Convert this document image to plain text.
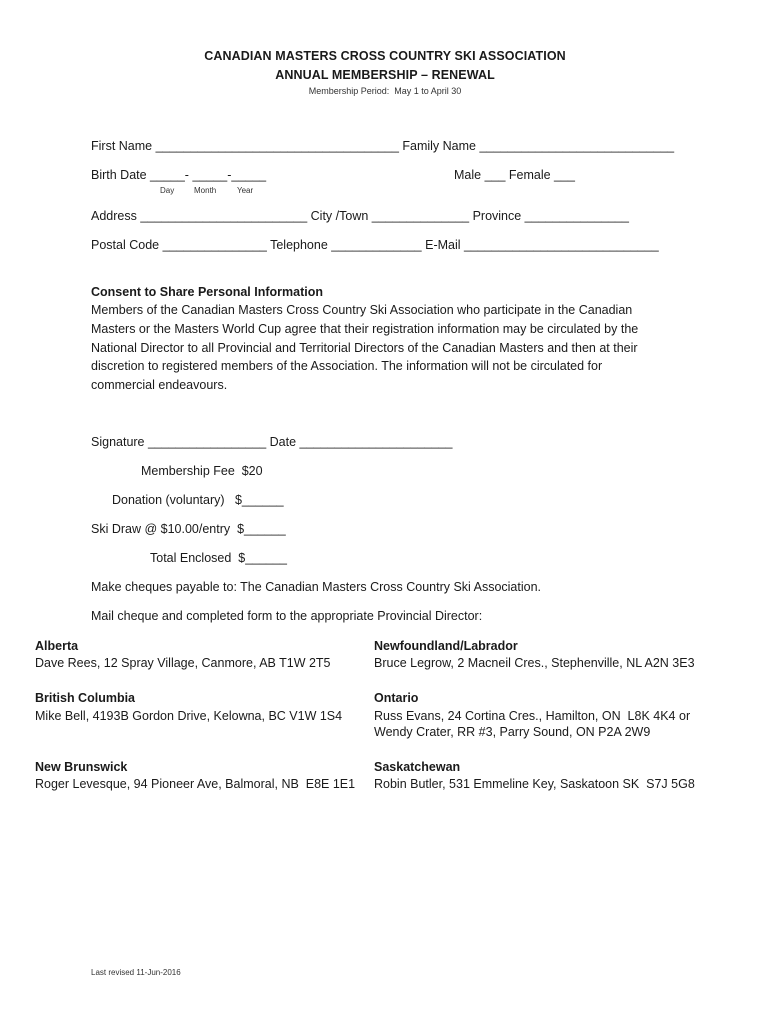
CANADIAN MASTERS CROSS COUNTRY SKI ASSOCIATION
ANNUAL MEMBERSHIP – RENEWAL
Membership Period:  May 1 to April 30
First Name ___________________________________ Family Name ____________________________
Birth Date _____- _____-_____	Male ___ Female ___
Day Month	Year
Address ________________________ City /Town ______________ Province _______________
Postal Code _______________ Telephone _____________ E-Mail ____________________________
Consent to Share Personal Information
Members of the Canadian Masters Cross Country Ski Association who participate in the Canadian Masters or the Masters World Cup agree that their registration information may be circulated by the National Director to all Provincial and Territorial Directors of the Canadian Masters and then at their discretion to registered members of the Association. The information will not be circulated for commercial endeavours.
Signature _________________ Date ______________________
Membership Fee  $20
Donation (voluntary)   $______
Ski Draw @ $10.00/entry  $______
Total Enclosed  $______
Make cheques payable to: The Canadian Masters Cross Country Ski Association.
Mail cheque and completed form to the appropriate Provincial Director:
Alberta
Dave Rees, 12 Spray Village, Canmore, AB T1W 2T5
Newfoundland/Labrador
Bruce Legrow, 2 Macneil Cres., Stephenville, NL A2N 3E3
British Columbia
Mike Bell, 4193B Gordon Drive, Kelowna, BC V1W 1S4
Ontario
Russ Evans, 24 Cortina Cres., Hamilton, ON  L8K 4K4 or
Wendy Crater, RR #3, Parry Sound, ON P2A 2W9
New Brunswick
Roger Levesque, 94 Pioneer Ave, Balmoral, NB  E8E 1E1
Saskatchewan
Robin Butler, 531 Emmeline Key, Saskatoon SK  S7J 5G8
Last revised 11-Jun-2016
